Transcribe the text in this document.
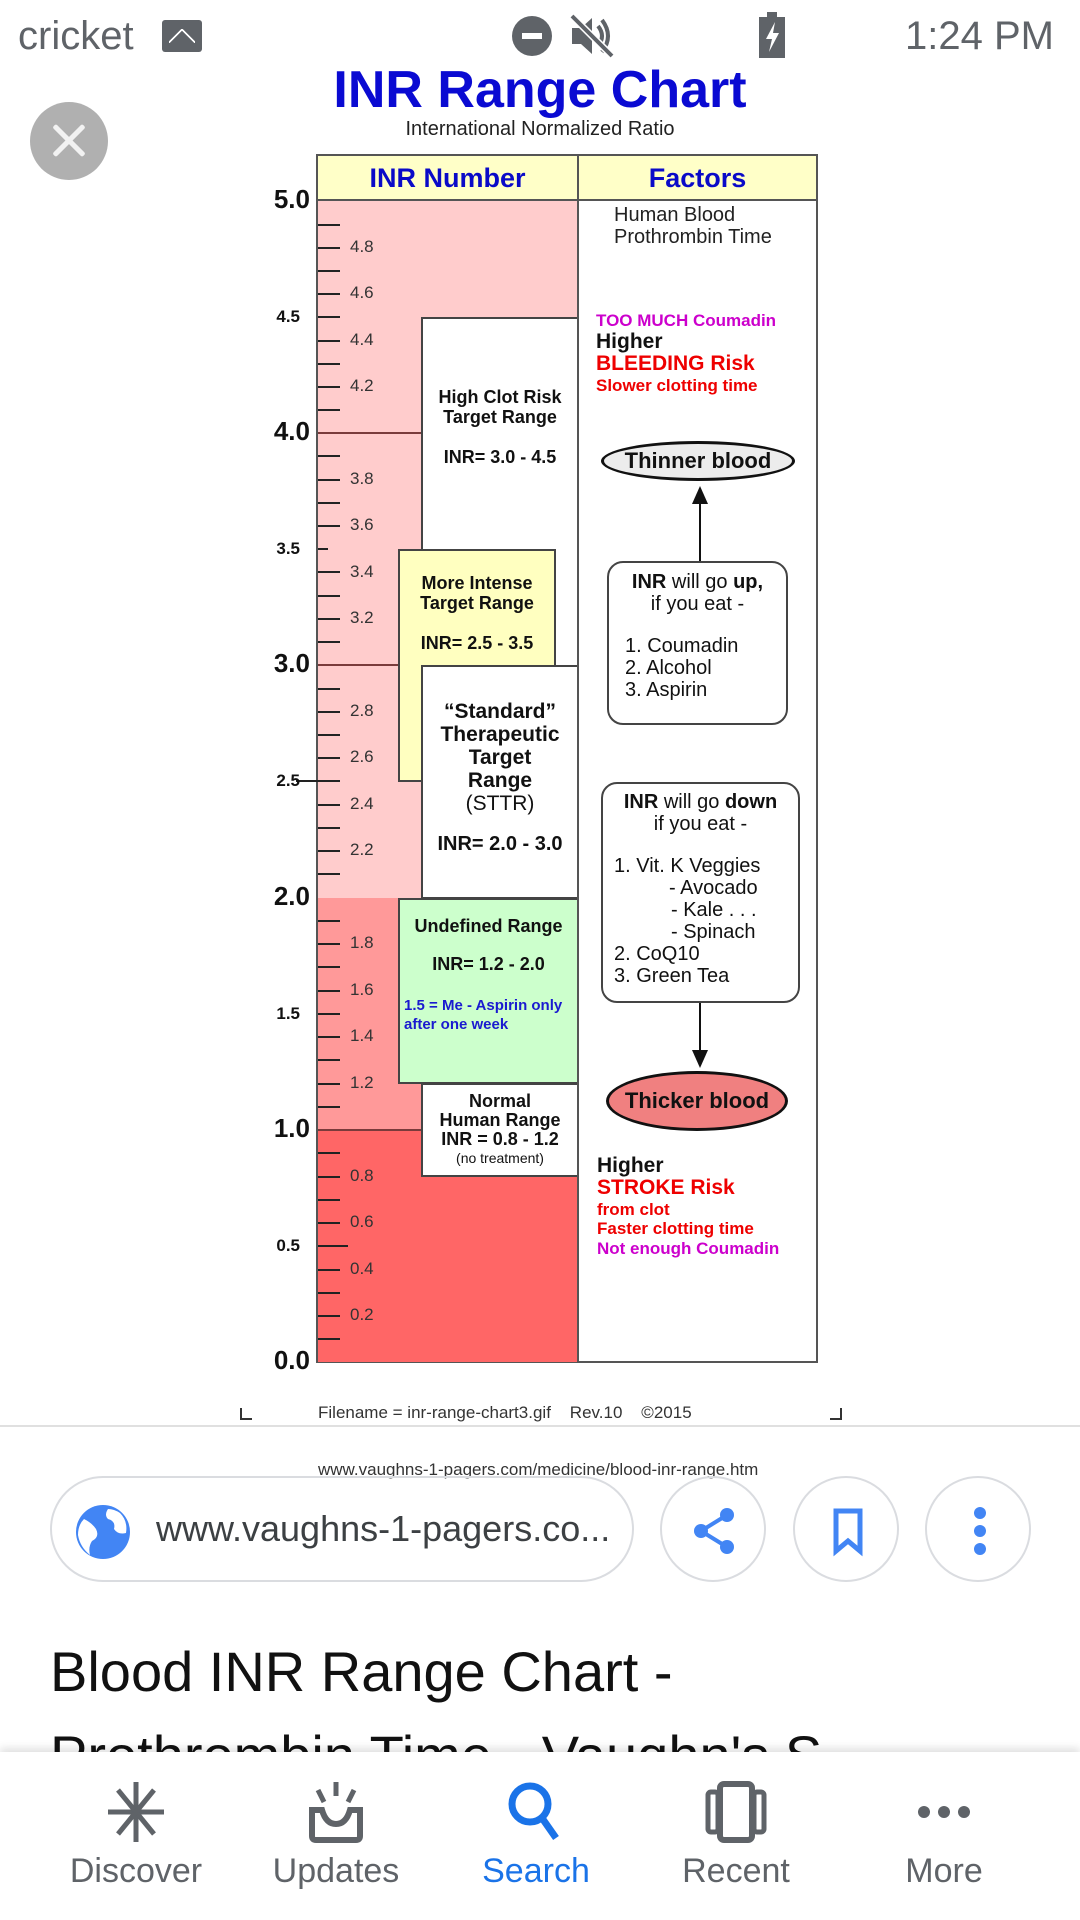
cricket	1:24 PM
INR Range Chart
International Normalized Ratio
INR Number	Factors
High Clot Risk
Target Range
INR= 3.0 - 4.5
More Intense
Target Range
INR= 2.5 - 3.5
“Standard”
Therapeutic
Target
Range
(STTR)
INR= 2.0 - 3.0
Undefined Range
INR= 1.2 - 2.0
1.5 = Me - Aspirin only
after one week
Normal
Human Range
INR = 0.8 - 1.2
(no treatment)
4.8
4.6
4.4
4.2
3.8
3.6
3.4
3.2
2.8
2.6
2.4
2.2
1.8
1.6
1.4
1.2
0.8
0.6
0.4
0.2
5.0
4.0
3.0
2.0
1.0
0.0
4.5
3.5
2.5
1.5
0.5
Human Blood
Prothrombin Time
TOO MUCH Coumadin
Higher
BLEEDING Risk
Slower clotting time
Thinner blood
INR will go up,
if you eat -
1. Coumadin
2. Alcohol
3. Aspirin
INR will go down
if you eat -
1. Vit. K Veggies
- Avocado
- Kale . . .
- Spinach
2. CoQ10
3. Green Tea
Thicker blood
Higher
STROKE Risk
from clot
Faster clotting time
Not enough Coumadin

Filename = inr-range-chart3.gif    Rev.10    ©2015

www.vaughns-1-pagers.com/medicine/blood-inr-range.htm

www.vaughns-1-pagers.co...
Blood INR Range Chart -
Discover	Updates	Search	Recent	More
